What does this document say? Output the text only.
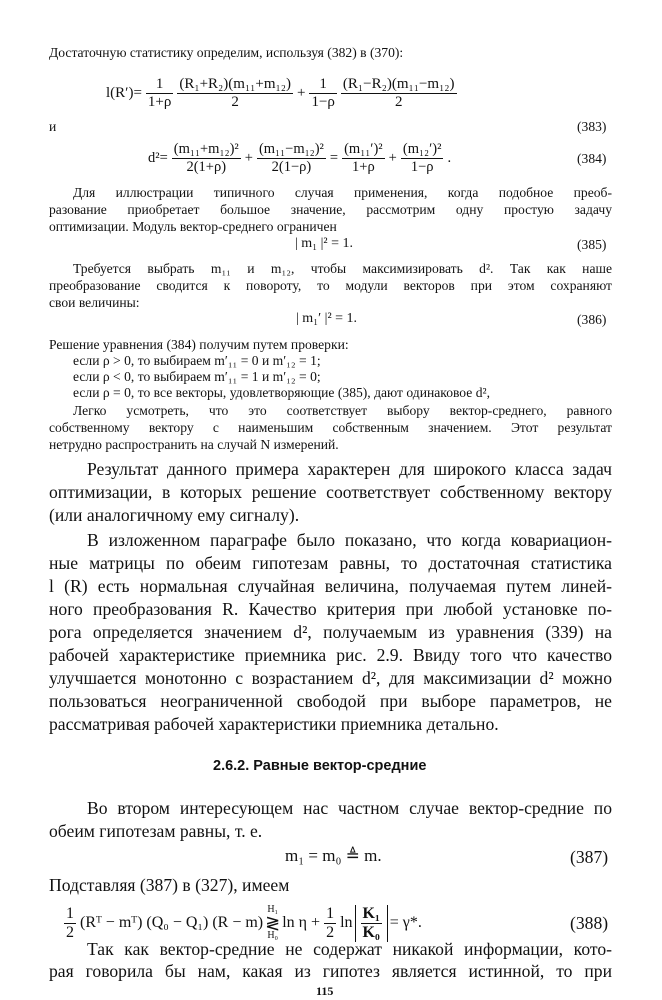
Достаточную статистику определим, используя (382) в (370):
$l(R')= \frac{1}{1+\rho} \frac{\text{(R₁+R₂)(m₁₁+m₁₂)}}{2} + \frac{1}{1-\rho} \frac{\text{(R₁−R₂)(m₁₁−m₁₂)}}{2}$
и	(383)
$d^2= \frac{\text{(m₁₁+m₁₂)²}}{2(1+\rho)} + \frac{\text{(m₁₁−m₁₂)²}}{2(1-\rho)} = \frac{\text{(m₁₁′)²}}{1+\rho} + \frac{\text{(m₁₂′)²}}{1-\rho}$ .	(384)
Для иллюстрации типичного случая применения, когда подобное преоб-
разование приобретает большое значение, рассмотрим одну простую задачу
оптимизации. Модуль вектор-среднего ограничен
| m₁ |² = 1.	(385)
Требуется выбрать m₁₁ и m₁₂, чтобы максимизировать d². Так как наше
преобразование сводится к повороту, то модули векторов при этом сохраняют
свои величины:
| m₁′ |² = 1.	(386)
Решение уравнения (384) получим путем проверки:
если ρ > 0, то выбираем m′₁₁ = 0 и m′₁₂ = 1;
если ρ < 0, то выбираем m′₁₁ = 1 и m′₁₂ = 0;
если ρ = 0, то все векторы, удовлетворяющие (385), дают одинаковое d²,
Легко усмотреть, что это соответствует выбору вектор-среднего, равного
собственному вектору с наименьшим собственным значением. Этот результат
нетрудно распространить на случай N измерений.
Результат данного примера характерен для широкого класса задач
оптимизации, в которых решение соответствует собственному вектору
(или аналогичному ему сигналу).
В изложенном параграфе было показано, что когда ковариацион-
ные матрицы по обеим гипотезам равны, то достаточная статистика
l (R) есть нормальная случайная величина, получаемая путем линей-
ного преобразования R. Качество критерия при любой установке по-
рога определяется значением d², получаемым из уравнения (339) на
рабочей характеристике приемника рис. 2.9. Ввиду того что качество
улучшается монотонно с возрастанием d², для максимизации d² можно
пользоваться неограниченной свободой при выборе параметров, не
рассматривая рабочей характеристики приемника детально.
2.6.2. Равные вектор-средние
Во втором интересующем нас частном случае вектор-средние по
обеим гипотезам равны, т. е.
m₁ = m₀ ≜ m.	(387)
Подставляя (387) в (327), имеем
$\frac{1}{2}$ (Rᵀ − mᵀ) (Q₀ − Q₁) (R − m)
H₁
≷
H₀
$\ln \eta + \frac{1}{2}$ $\ln \frac{\text{K₁}}{\text{K₀}} = \gamma*$.	(388)
Так как вектор-средние не содержат никакой информации, кото-
рая говорила бы нам, какая из гипотез является истинной, то при
115
